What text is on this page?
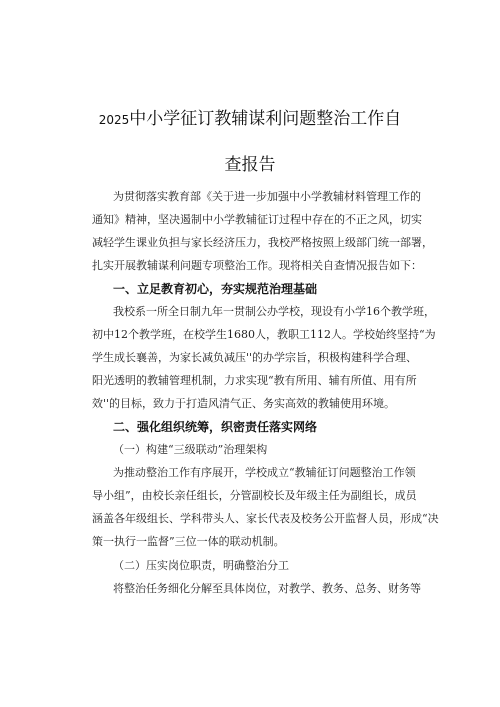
2025中小学征订教辅谋利问题整治工作自
查报告
为贯彻落实教育部《关于进一步加强中小学教辅材料管理工作的
通知》精神，坚决遏制中小学教辅征订过程中存在的不正之风，切实
减轻学生课业负担与家长经济压力，我校严格按照上级部门统一部署，
扎实开展教辅谋利问题专项整治工作。现将相关自查情况报告如下：
一、立足教育初心，夯实规范治理基础
我校系一所全日制九年一贯制公办学校，现设有小学16个教学班，
初中12个教学班，在校学生1680人，教职工112人。学校始终坚持“为
学生成长襄善，为家长减负减压''的办学宗旨，积极构建科学合理、
阳光透明的教辅管理机制，力求实现“教有所用、辅有所值、用有所
效''的目标，致力于打造风清气正、务实高效的教辅使用环境。
二、强化组织统筹，织密责任落实网络
（一）构建“三级联动”治理架构
为推动整治工作有序展开，学校成立“教辅征订问题整治工作领
导小组”，由校长亲任组长，分管副校长及年级主任为副组长，成员
涵盖各年级组长、学科带头人、家长代表及校务公开监督人员，形成“决
策一执行一监督”三位一体的联动机制。
（二）压实岗位职责，明确整治分工
将整治任务细化分解至具体岗位，对教学、教务、总务、财务等
